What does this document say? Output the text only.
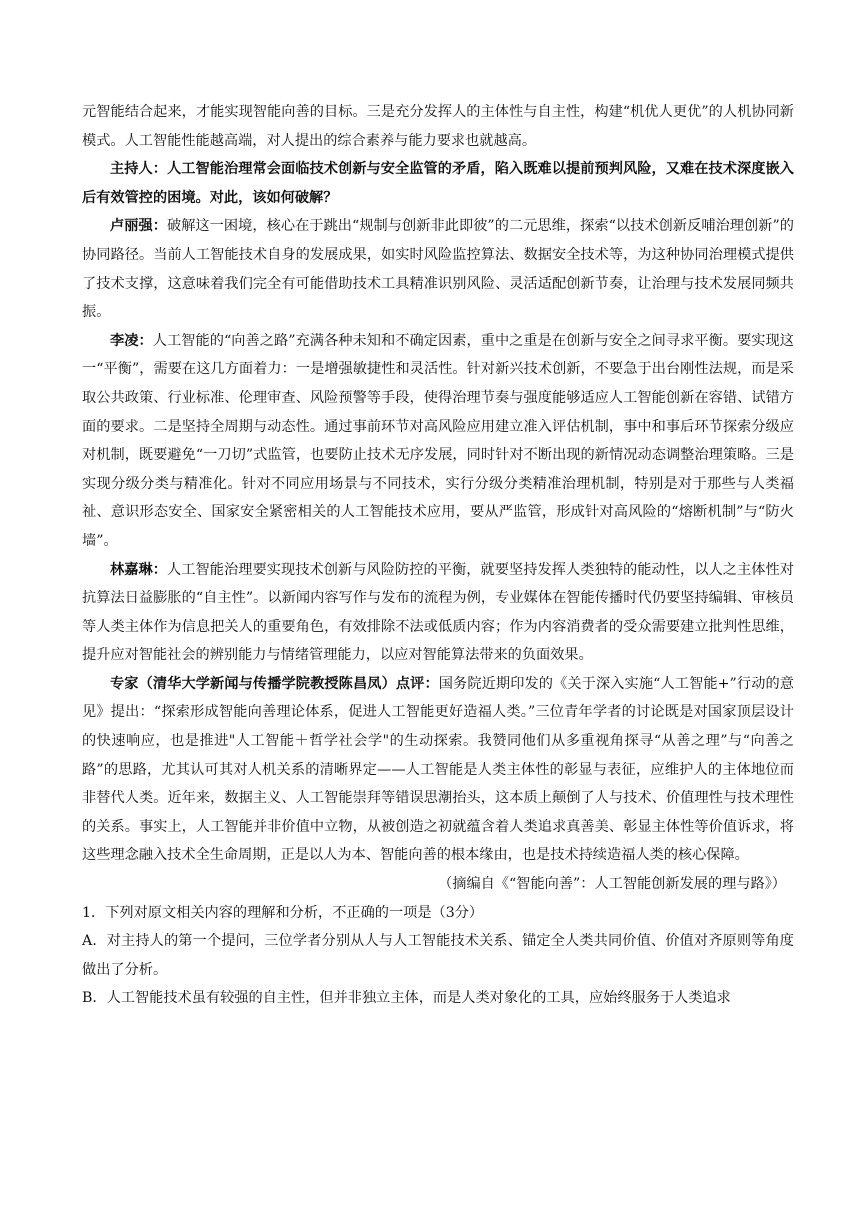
元智能结合起来，才能实现智能向善的目标。三是充分发挥人的主体性与自主性，构建“机优人更优”的人机协同新模式。人工智能性能越高端，对人提出的综合素养与能力要求也就越高。

主持人：人工智能治理常会面临技术创新与安全监管的矛盾，陷入既难以提前预判风险，又难在技术深度嵌入后有效管控的困境。对此，该如何破解？

卢丽强：破解这一困境，核心在于跳出“规制与创新非此即彼”的二元思维，探索“以技术创新反哺治理创新”的协同路径。当前人工智能技术自身的发展成果，如实时风险监控算法、数据安全技术等，为这种协同治理模式提供了技术支撑，这意味着我们完全有可能借助技术工具精准识别风险、灵活适配创新节奏，让治理与技术发展同频共振。

李凌：人工智能的“向善之路”充满各种未知和不确定因素，重中之重是在创新与安全之间寻求平衡。要实现这一“平衡”，需要在这几方面着力：一是增强敏捷性和灵活性。针对新兴技术创新，不要急于出台刚性法规，而是采取公共政策、行业标准、伦理审查、风险预警等手段，使得治理节奏与强度能够适应人工智能创新在容错、试错方面的要求。二是坚持全周期与动态性。通过事前环节对高风险应用建立准入评估机制，事中和事后环节探索分级应对机制，既要避免“一刀切”式监管，也要防止技术无序发展，同时针对不断出现的新情况动态调整治理策略。三是实现分级分类与精准化。针对不同应用场景与不同技术，实行分级分类精准治理机制，特别是对于那些与人类福祉、意识形态安全、国家安全紧密相关的人工智能技术应用，要从严监管，形成针对高风险的“熔断机制”与“防火墙”。

林嘉琳：人工智能治理要实现技术创新与风险防控的平衡，就要坚持发挥人类独特的能动性，以人之主体性对抗算法日益膨胀的“自主性”。以新闻内容写作与发布的流程为例，专业媒体在智能传播时代仍要坚持编辑、审核员等人类主体作为信息把关人的重要角色，有效排除不法或低质内容；作为内容消费者的受众需要建立批判性思维，提升应对智能社会的辨别能力与情绪管理能力，以应对智能算法带来的负面效果。

专家（清华大学新闻与传播学院教授陈昌凤）点评：国务院近期印发的《关于深入实施“人工智能+”行动的意见》提出：“探索形成智能向善理论体系，促进人工智能更好造福人类。”三位青年学者的讨论既是对国家顶层设计的快速响应，也是推进"人工智能＋哲学社会学"的生动探索。我赞同他们从多重视角探寻“从善之理”与“向善之路”的思路，尤其认可其对人机关系的清晰界定——人工智能是人类主体性的彰显与表征，应维护人的主体地位而非替代人类。近年来，数据主义、人工智能崇拜等错误思潮抬头，这本质上颠倒了人与技术、价值理性与技术理性的关系。事实上，人工智能并非价值中立物，从被创造之初就蕴含着人类追求真善美、彰显主体性等价值诉求，将这些理念融入技术全生命周期，正是以人为本、智能向善的根本缘由，也是技术持续造福人类的核心保障。

（摘编自《“智能向善”：人工智能创新发展的理与路》）

1．下列对原文相关内容的理解和分析，不正确的一项是（3分）

A．对主持人的第一个提问，三位学者分别从人与人工智能技术关系、锚定全人类共同价值、价值对齐原则等角度做出了分析。

B．人工智能技术虽有较强的自主性，但并非独立主体，而是人类对象化的工具，应始终服务于人类追求
